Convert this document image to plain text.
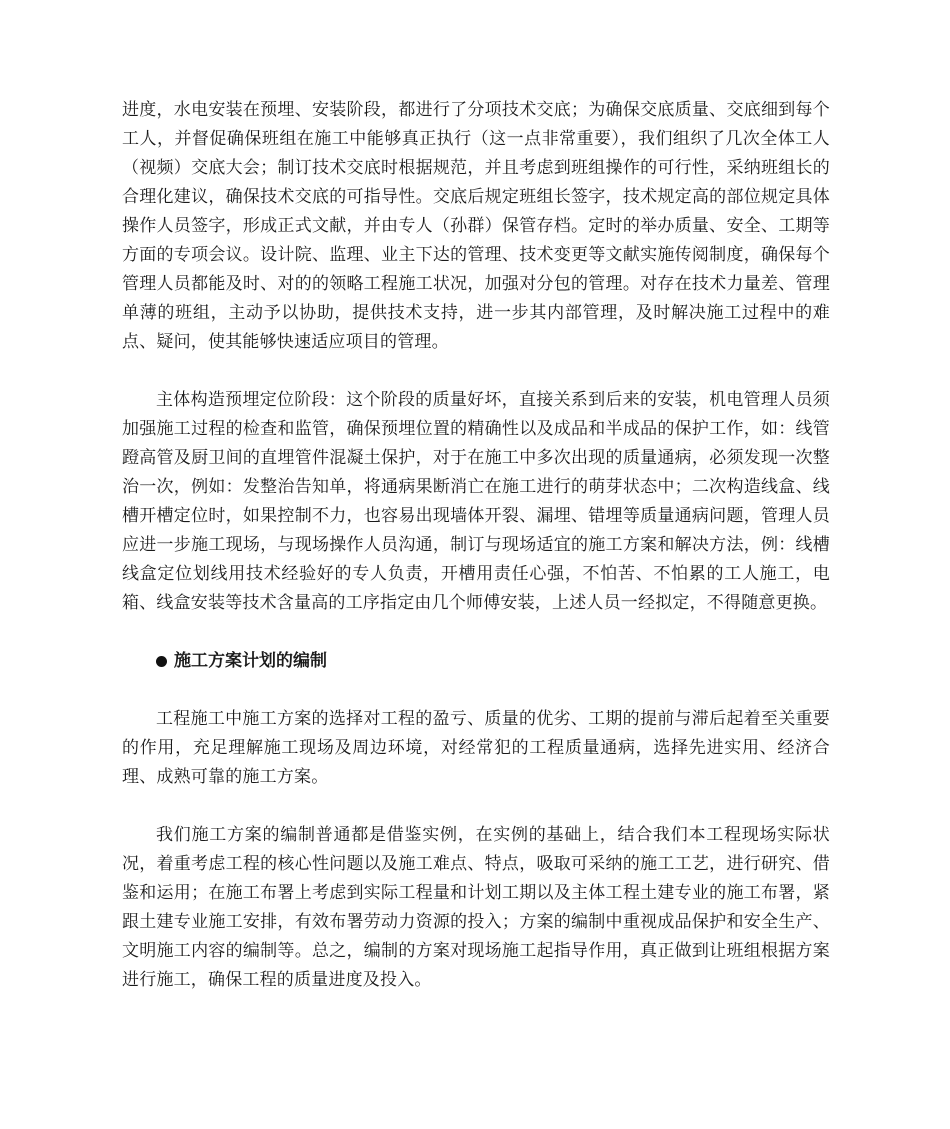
进度，水电安装在预埋、安装阶段，都进行了分项技术交底；为确保交底质量、交底细到每个工人，并督促确保班组在施工中能够真正执行（这一点非常重要），我们组织了几次全体工人（视频）交底大会；制订技术交底时根据规范，并且考虑到班组操作的可行性，采纳班组长的合理化建议，确保技术交底的可指导性。交底后规定班组长签字，技术规定高的部位规定具体操作人员签字，形成正式文献，并由专人（孙群）保管存档。定时的举办质量、安全、工期等方面的专项会议。设计院、监理、业主下达的管理、技术变更等文献实施传阅制度，确保每个管理人员都能及时、对的的领略工程施工状况，加强对分包的管理。对存在技术力量差、管理单薄的班组，主动予以协助，提供技术支持，进一步其内部管理，及时解决施工过程中的难点、疑问，使其能够快速适应项目的管理。

主体构造预埋定位阶段：这个阶段的质量好坏，直接关系到后来的安装，机电管理人员须加强施工过程的检查和监管，确保预埋位置的精确性以及成品和半成品的保护工作，如：线管蹬高管及厨卫间的直埋管件混凝土保护，对于在施工中多次出现的质量通病，必须发现一次整治一次，例如：发整治告知单，将通病果断消亡在施工进行的萌芽状态中；二次构造线盒、线槽开槽定位时，如果控制不力，也容易出现墙体开裂、漏埋、错埋等质量通病问题，管理人员应进一步施工现场，与现场操作人员沟通，制订与现场适宜的施工方案和解决方法，例：线槽线盒定位划线用技术经验好的专人负责，开槽用责任心强，不怕苦、不怕累的工人施工，电箱、线盒安装等技术含量高的工序指定由几个师傅安装，上述人员一经拟定，不得随意更换。

施工方案计划的编制

工程施工中施工方案的选择对工程的盈亏、质量的优劣、工期的提前与滞后起着至关重要的作用，充足理解施工现场及周边环境，对经常犯的工程质量通病，选择先进实用、经济合理、成熟可靠的施工方案。

我们施工方案的编制普通都是借鉴实例，在实例的基础上，结合我们本工程现场实际状况，着重考虑工程的核心性问题以及施工难点、特点，吸取可采纳的施工工艺，进行研究、借鉴和运用；在施工布署上考虑到实际工程量和计划工期以及主体工程土建专业的施工布署，紧跟土建专业施工安排，有效布署劳动力资源的投入；方案的编制中重视成品保护和安全生产、文明施工内容的编制等。总之，编制的方案对现场施工起指导作用，真正做到让班组根据方案进行施工，确保工程的质量进度及投入。
